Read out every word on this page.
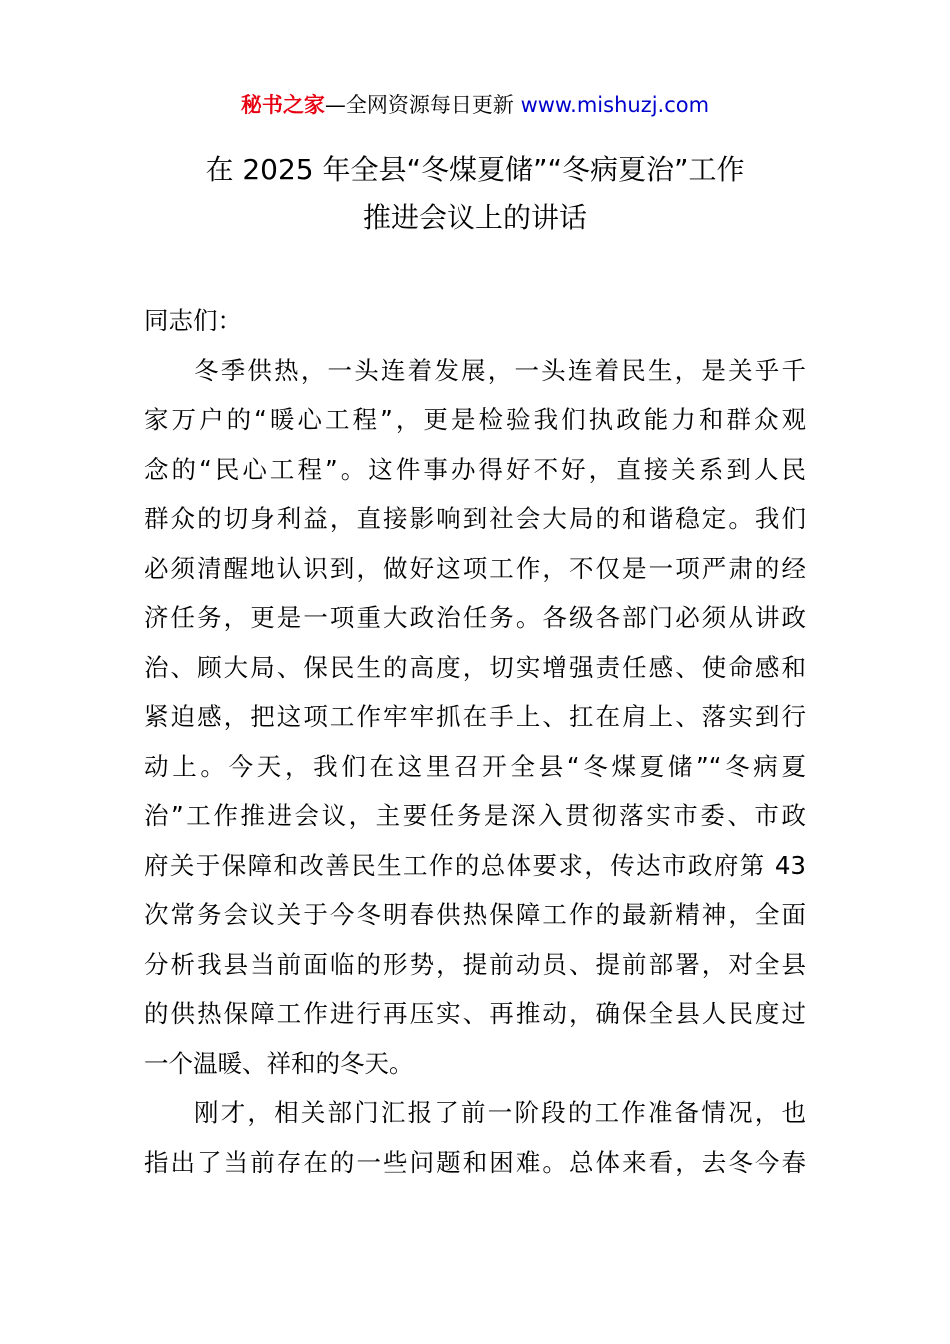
秘书之家—全网资源每日更新 www.mishuzj.com
在 2025 年全县“冬煤夏储”“冬病夏治”工作
推进会议上的讲话
同志们：
冬季供热，一头连着发展，一头连着民生，是关乎千
家万户的“暖心工程”，更是检验我们执政能力和群众观
念的“民心工程”。这件事办得好不好，直接关系到人民
群众的切身利益，直接影响到社会大局的和谐稳定。我们
必须清醒地认识到，做好这项工作，不仅是一项严肃的经
济任务，更是一项重大政治任务。各级各部门必须从讲政
治、顾大局、保民生的高度，切实增强责任感、使命感和
紧迫感，把这项工作牢牢抓在手上、扛在肩上、落实到行
动上。今天，我们在这里召开全县“冬煤夏储”“冬病夏
治”工作推进会议，主要任务是深入贯彻落实市委、市政
府关于保障和改善民生工作的总体要求，传达市政府第 43
次常务会议关于今冬明春供热保障工作的最新精神，全面
分析我县当前面临的形势，提前动员、提前部署，对全县
的供热保障工作进行再压实、再推动，确保全县人民度过
一个温暖、祥和的冬天。
刚才，相关部门汇报了前一阶段的工作准备情况，也
指出了当前存在的一些问题和困难。总体来看，去冬今春
